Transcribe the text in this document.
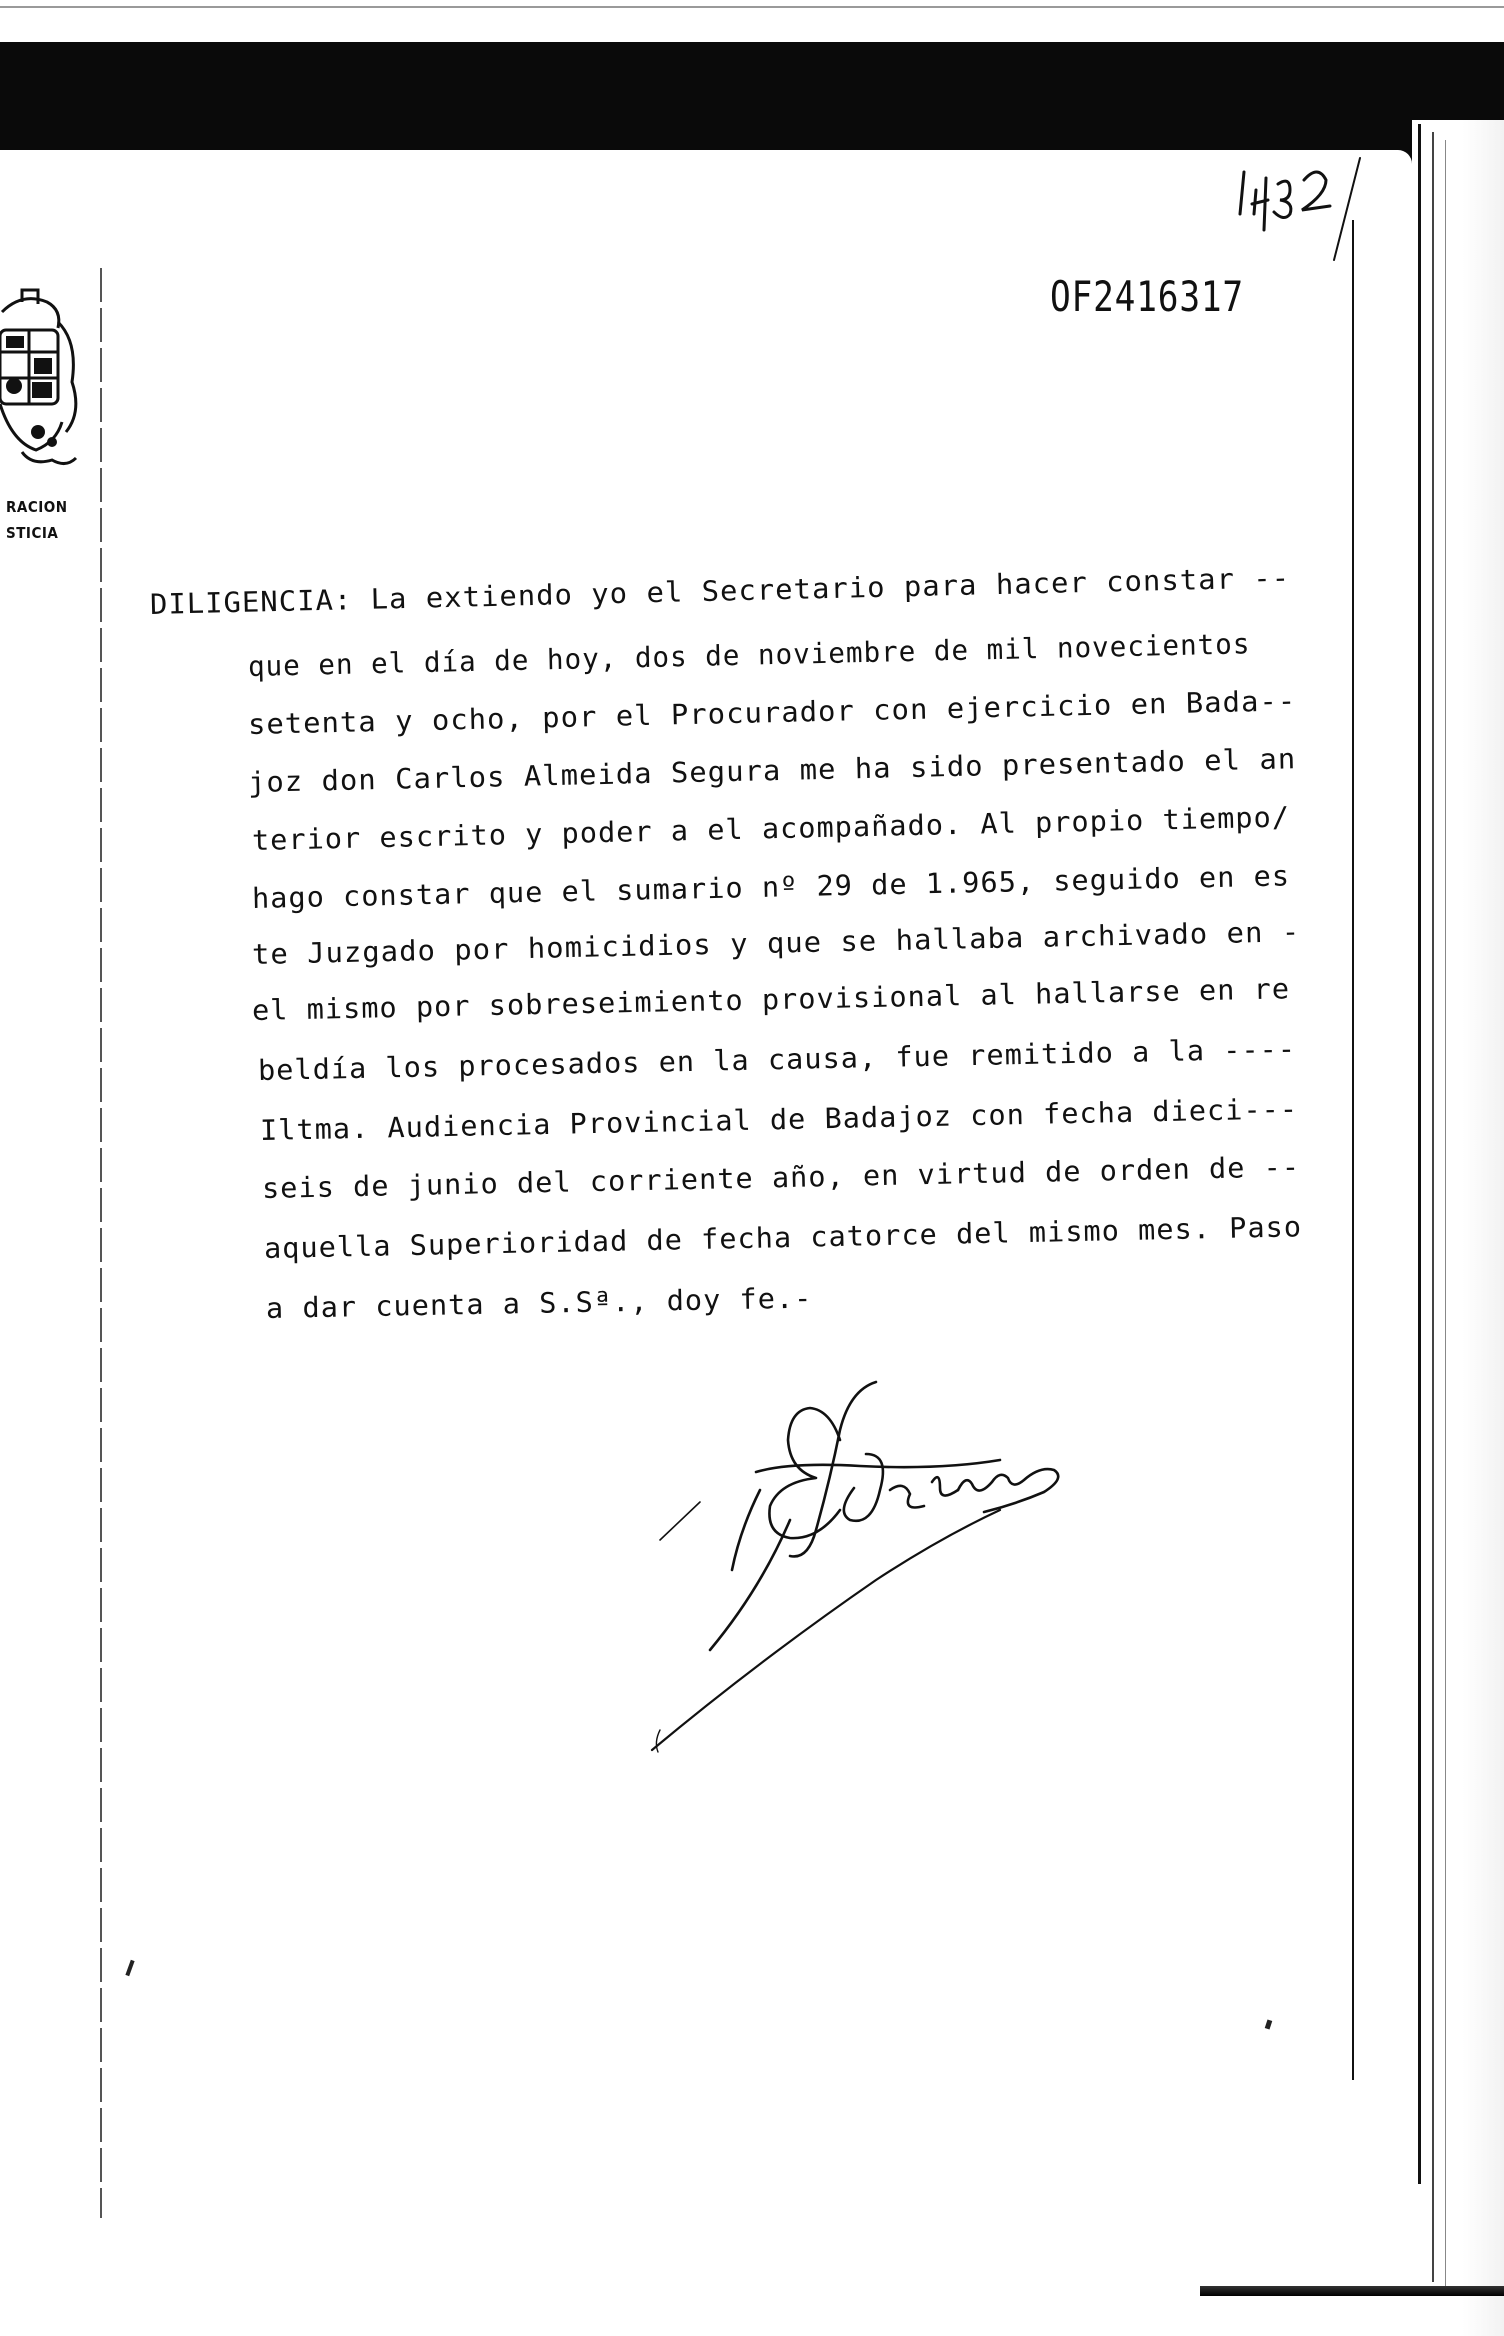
RACION
STICIA
OF2416317
DILIGENCIA: La extiendo yo el Secretario para hacer constar --
que en el día de hoy, dos de noviembre de mil novecientos
setenta y ocho, por el Procurador con ejercicio en Bada--
joz don Carlos Almeida Segura me ha sido presentado el an
terior escrito y poder a el acompañado. Al propio tiempo/
hago constar que el sumario nº 29 de 1.965, seguido en es
te Juzgado por homicidios y que se hallaba archivado en -
el mismo por sobreseimiento provisional al hallarse en re
beldía los procesados en la causa, fue remitido a la ----
Iltma. Audiencia Provincial de Badajoz con fecha dieci---
seis de junio del corriente año, en virtud de orden de --
aquella Superioridad de fecha catorce del mismo mes. Paso
a dar cuenta a S.Sª., doy fe.-
